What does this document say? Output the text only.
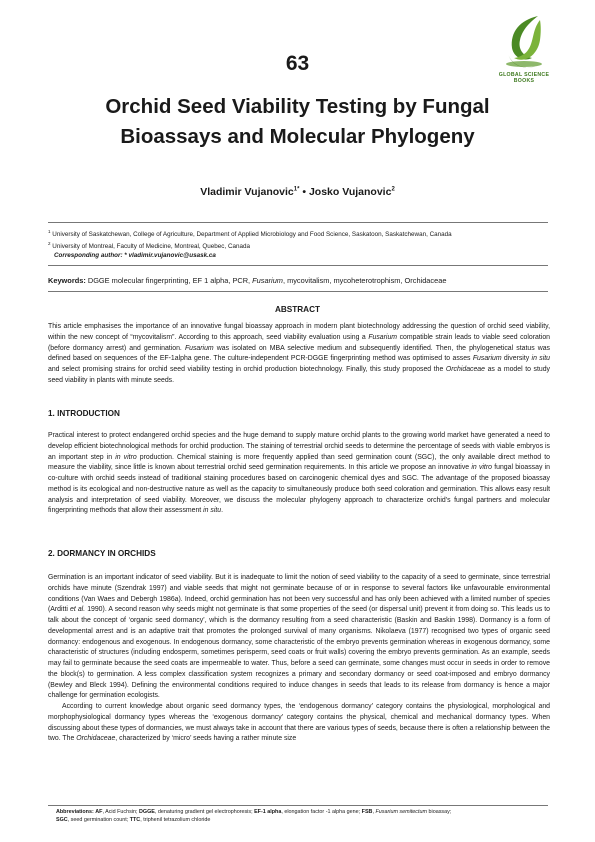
63	GLOBAL SCIENCE
BOOKS
Orchid Seed Viability Testing by Fungal
Bioassays and Molecular Phylogeny
Vladimir Vujanovic$^{1*}$ • Josko Vujanovic$^2$
$^1$ University of Saskatchewan, College of Agriculture, Department of Applied Microbiology and Food Science, Saskatoon, Saskatchewan, Canada
$^2$ University of Montreal, Faculty of Medicine, Montreal, Quebec, Canada
Corresponding author: * vladimir.vujanovic@usask.ca
Keywords: DGGE molecular fingerprinting, EF 1 alpha, PCR, Fusarium, mycovitalism, mycoheterotrophism, Orchidaceae
ABSTRACT

This article emphasises the importance of an innovative fungal bioassay approach in modern plant biotechnology addressing the question of orchid seed viability, within the new concept of “mycovitalism”. According to this approach, seed viability evaluation using a Fusarium compatible strain leads to viable seed coloration (before dormancy arrest) and germination. Fusarium was isolated on MBA selective medium and subsequently identified. Then, the phylogenetical status was defined based on sequences of the EF-1alpha gene. The culture-independent PCR-DGGE fingerprinting method was optimised to asses Fusarium diversity in situ and select promising strains for orchid seed viability testing in orchid production biotechnology. Finally, this study proposed the Orchidaceae as a model to study seed viability in plants with minute seeds.

1. INTRODUCTION

Practical interest to protect endangered orchid species and the huge demand to supply mature orchid plants to the growing world market have generated a need to develop efficient biotechnological methods for orchid production. The staining of terrestrial orchid seeds to determine the percentage of seeds with viable embryos is an important step in in vitro production. Chemical staining is more frequently applied than seed germination count (SGC), the only available direct method to measure the viability, since little is known about terrestrial orchid seed germination requirements. In this article we propose an innovative in vitro fungal bioassay in co-culture with orchid seeds instead of traditional staining procedures based on carcinogenic chemical dyes and SGC. The advantage of the proposed bioassay method is its ecological and non-destructive nature as well as the capacity to simultaneously produce both seed coloration and germination. This allows easy result analysis and interpretation of seed viability. Moreover, we discuss the molecular phylogeny approach to characterize orchid’s fungal partners and molecular fingerprinting methods that allow their assessment in situ.

2. DORMANCY IN ORCHIDS

Germination is an important indicator of seed viability. But it is inadequate to limit the notion of seed viability to the capacity of a seed to germinate, since terrestrial orchids have minute (Szendrak 1997) and viable seeds that might not germinate because of or in response to several factors like unfavourable environmental conditions (Van Waes and Debergh 1986a). Indeed, orchid germination has not been very successful and has only been achieved with a limited number of species (Arditti et al. 1990). A second reason why seeds might not germinate is that some properties of the seed (or dispersal unit) prevent it from doing so. This leads us to talk about the concept of ‘organic seed dormancy’, which is the dormancy resulting from a seed characteristic (Baskin and Baskin 1998). Dormancy is a form of developmental arrest and is an adaptive trait that promotes the prolonged survival of many organisms. Nikolaeva (1977) recognised two types of organic seed dormancy: endogenous and exogenous. In endogenous dormancy, some characteristic of the embryo prevents germination whereas in exogenous dormancy, some characteristic of structures (including endosperm, sometimes perisperm, seed coats or fruit walls) covering the embryo prevents germination. As an example, seeds may fail to germinate because the seed coats are impermeable to water. Thus, before a seed can germinate, some changes must occur in seeds in order to remove the block(s) to germination. A less complex classification system recognizes a primary and secondary dormancy or seed coat-imposed and embryo dormancy (Bewley and Bleck 1994). Defining the environmental conditions required to induce changes in seeds that leads to its release from dormancy is hence a major challenge for germination ecologists.

According to current knowledge about organic seed dormancy types, the ‘endogenous dormancy’ category contains the physiological, morphological and morphophysiological dormancy types whereas the ‘exogenous dormancy’ category contains the physical, chemical and mechanical dormancy types. When discussing about these types of dormancies, we must always take in account that there are various types of seeds, because there is often a relationship between the two. The Orchidaceae, characterized by ‘micro’ seeds having a rather minute size

Abbreviations: AF, Acid Fuchsin; DGGE, denaturing gradient gel electrophoresis; EF-1 alpha, elongation factor -1 alpha gene; FSB, Fusarium semitectum bioassay;
SGC, seed germination count; TTC, triphenil tetrazolium chloride
